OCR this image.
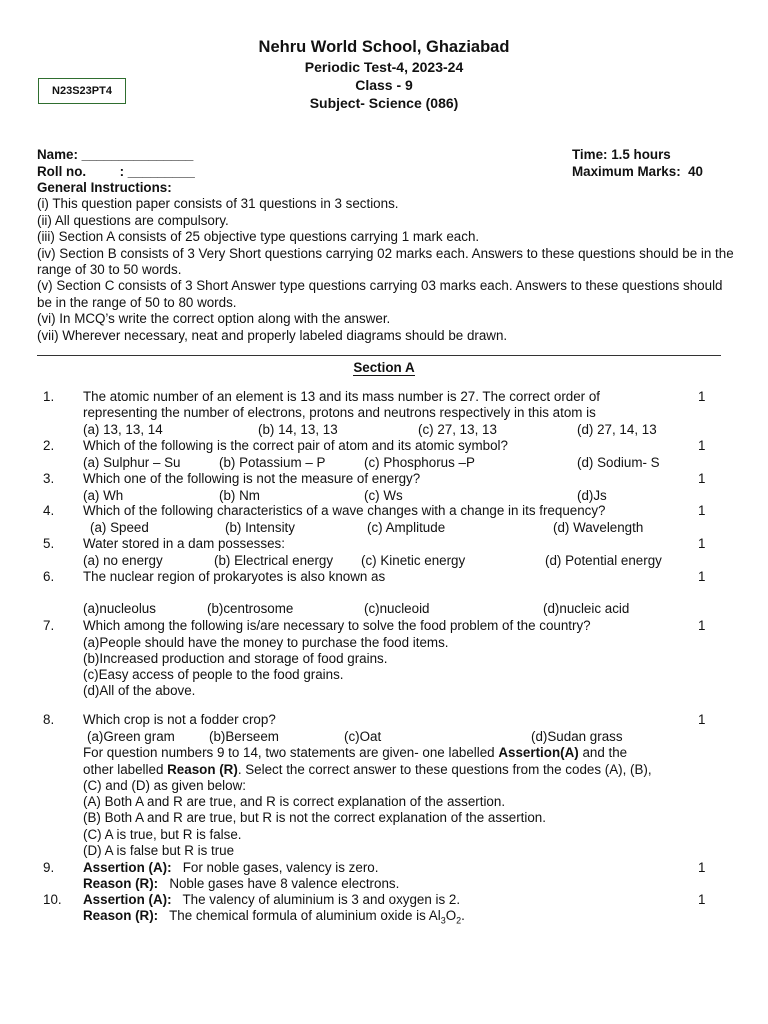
N23S23PT4
Nehru World School, Ghaziabad
Periodic Test-4, 2023-24
Class - 9
Subject- Science (086)
Name: _______________
Roll no.         : _________
Time: 1.5 hours
Maximum Marks:  40
General Instructions:
(i) This question paper consists of 31 questions in 3 sections.
(ii) All questions are compulsory.
(iii) Section A consists of 25 objective type questions carrying 1 mark each.
(iv) Section B consists of 3 Very Short questions carrying 02 marks each. Answers to these questions should be in the range of 30 to 50 words.
(v) Section C consists of 3 Short Answer type questions carrying 03 marks each. Answers to these questions should be in the range of 50 to 80 words.
(vi) In MCQ’s write the correct option along with the answer.
(vii) Wherever necessary, neat and properly labeled diagrams should be drawn.
Section A
1. The atomic number of an element is 13 and its mass number is 27. The correct order of representing the number of electrons, protons and neutrons respectively in this atom is
1
(a) 13, 13, 14	(b) 14, 13, 13	(c) 27, 13, 13	(d) 27, 14, 13
2. Which of the following is the correct pair of atom and its atomic symbol?	1
(a) Sulphur – Su	(b) Potassium – P	(c) Phosphorus –P	(d) Sodium- S
3. Which one of the following is not the measure of energy?	1
(a) Wh	(b) Nm	(c) Ws	(d)Js
4. Which of the following characteristics of a wave changes with a change in its frequency?	1
(a) Speed	(b) Intensity	(c) Amplitude	(d) Wavelength
5. Water stored in a dam possesses:	1
(a) no energy	(b) Electrical energy (c) Kinetic energy	(d) Potential energy
6. The nuclear region of prokaryotes is also known as	1
(a)nucleolus	(b)centrosome	(c)nucleoid	(d)nucleic acid
7. Which among the following is/are necessary to solve the food problem of the country?	1
(a)People should have the money to purchase the food items.
(b)Increased production and storage of food grains.
(c)Easy access of people to the food grains.
(d)All of the above.
8. Which crop is not a fodder crop?	1
(a)Green gram	(b)Berseem	(c)Oat	(d)Sudan grass
For question numbers 9 to 14, two statements are given- one labelled Assertion(A) and the
other labelled Reason (R). Select the correct answer to these questions from the codes (A), (B),
(C) and (D) as given below:
(A) Both A and R are true, and R is correct explanation of the assertion.
(B) Both A and R are true, but R is not the correct explanation of the assertion.
(C) A is true, but R is false.
(D) A is false but R is true
9. Assertion (A): For noble gases, valency is zero.	1
Reason (R): Noble gases have 8 valence electrons.
10. Assertion (A): The valency of aluminium is 3 and oxygen is 2.	1
Reason (R): The chemical formula of aluminium oxide is $Al_3O_2$.
